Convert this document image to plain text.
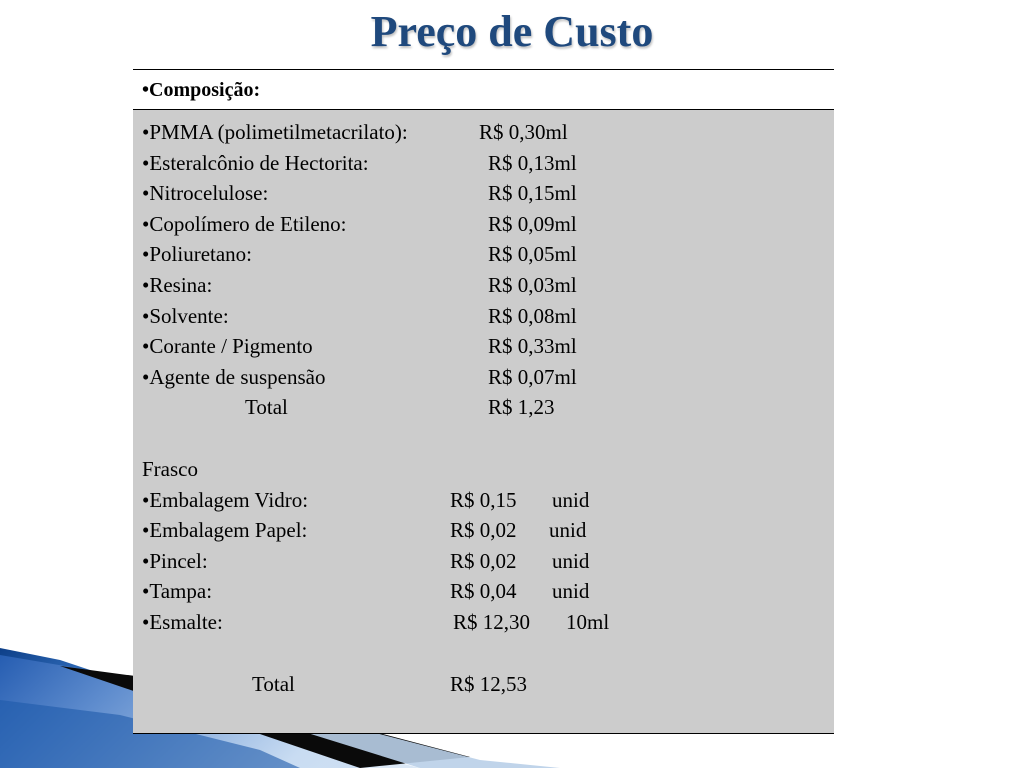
Preço de Custo
•Composição:
•PMMA (polimetilmetacrilato):	R$ 0,30ml
•Esteralcônio de Hectorita:	R$ 0,13ml
•Nitrocelulose:	R$ 0,15ml
•Copolímero de Etileno:	R$ 0,09ml
•Poliuretano:	R$ 0,05ml
•Resina:	R$ 0,03ml
•Solvente:	R$ 0,08ml
•Corante / Pigmento	R$ 0,33ml
•Agente de suspensão	R$ 0,07ml
Total	R$ 1,23
Frasco
•Embalagem Vidro:	R$ 0,15 unid
•Embalagem Papel:	R$ 0,02 unid
•Pincel:	R$ 0,02 unid
•Tampa:	R$ 0,04 unid
•Esmalte:	R$ 12,30 10ml
Total	R$ 12,53
